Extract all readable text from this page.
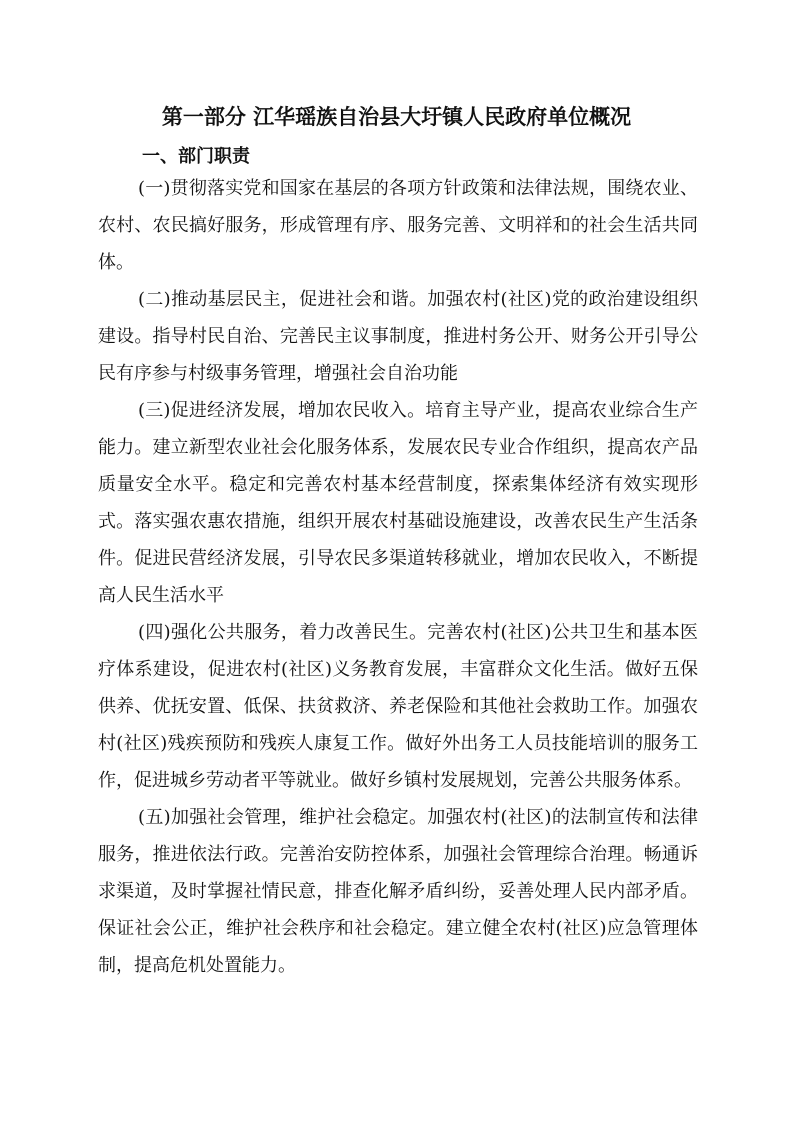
第一部分 江华瑶族自治县大圩镇人民政府单位概况
一、部门职责

(一)贯彻落实党和国家在基层的各项方针政策和法律法规，围绕农业、农村、农民搞好服务，形成管理有序、服务完善、文明祥和的社会生活共同体。

(二)推动基层民主，促进社会和谐。加强农村(社区)党的政治建设组织建设。指导村民自治、完善民主议事制度，推进村务公开、财务公开引导公民有序参与村级事务管理，增强社会自治功能

(三)促进经济发展，增加农民收入。培育主导产业，提高农业综合生产能力。建立新型农业社会化服务体系，发展农民专业合作组织，提高农产品质量安全水平。稳定和完善农村基本经营制度，探索集体经济有效实现形式。落实强农惠农措施，组织开展农村基础设施建设，改善农民生产生活条件。促进民营经济发展，引导农民多渠道转移就业，增加农民收入，不断提高人民生活水平

(四)强化公共服务，着力改善民生。完善农村(社区)公共卫生和基本医疗体系建设，促进农村(社区)义务教育发展，丰富群众文化生活。做好五保供养、优抚安置、低保、扶贫救济、养老保险和其他社会救助工作。加强农村(社区)残疾预防和残疾人康复工作。做好外出务工人员技能培训的服务工作，促进城乡劳动者平等就业。做好乡镇村发展规划，完善公共服务体系。

(五)加强社会管理，维护社会稳定。加强农村(社区)的法制宣传和法律服务，推进依法行政。完善治安防控体系，加强社会管理综合治理。畅通诉求渠道，及时掌握社情民意，排查化解矛盾纠纷，妥善处理人民内部矛盾。保证社会公正，维护社会秩序和社会稳定。建立健全农村(社区)应急管理体制，提高危机处置能力。
